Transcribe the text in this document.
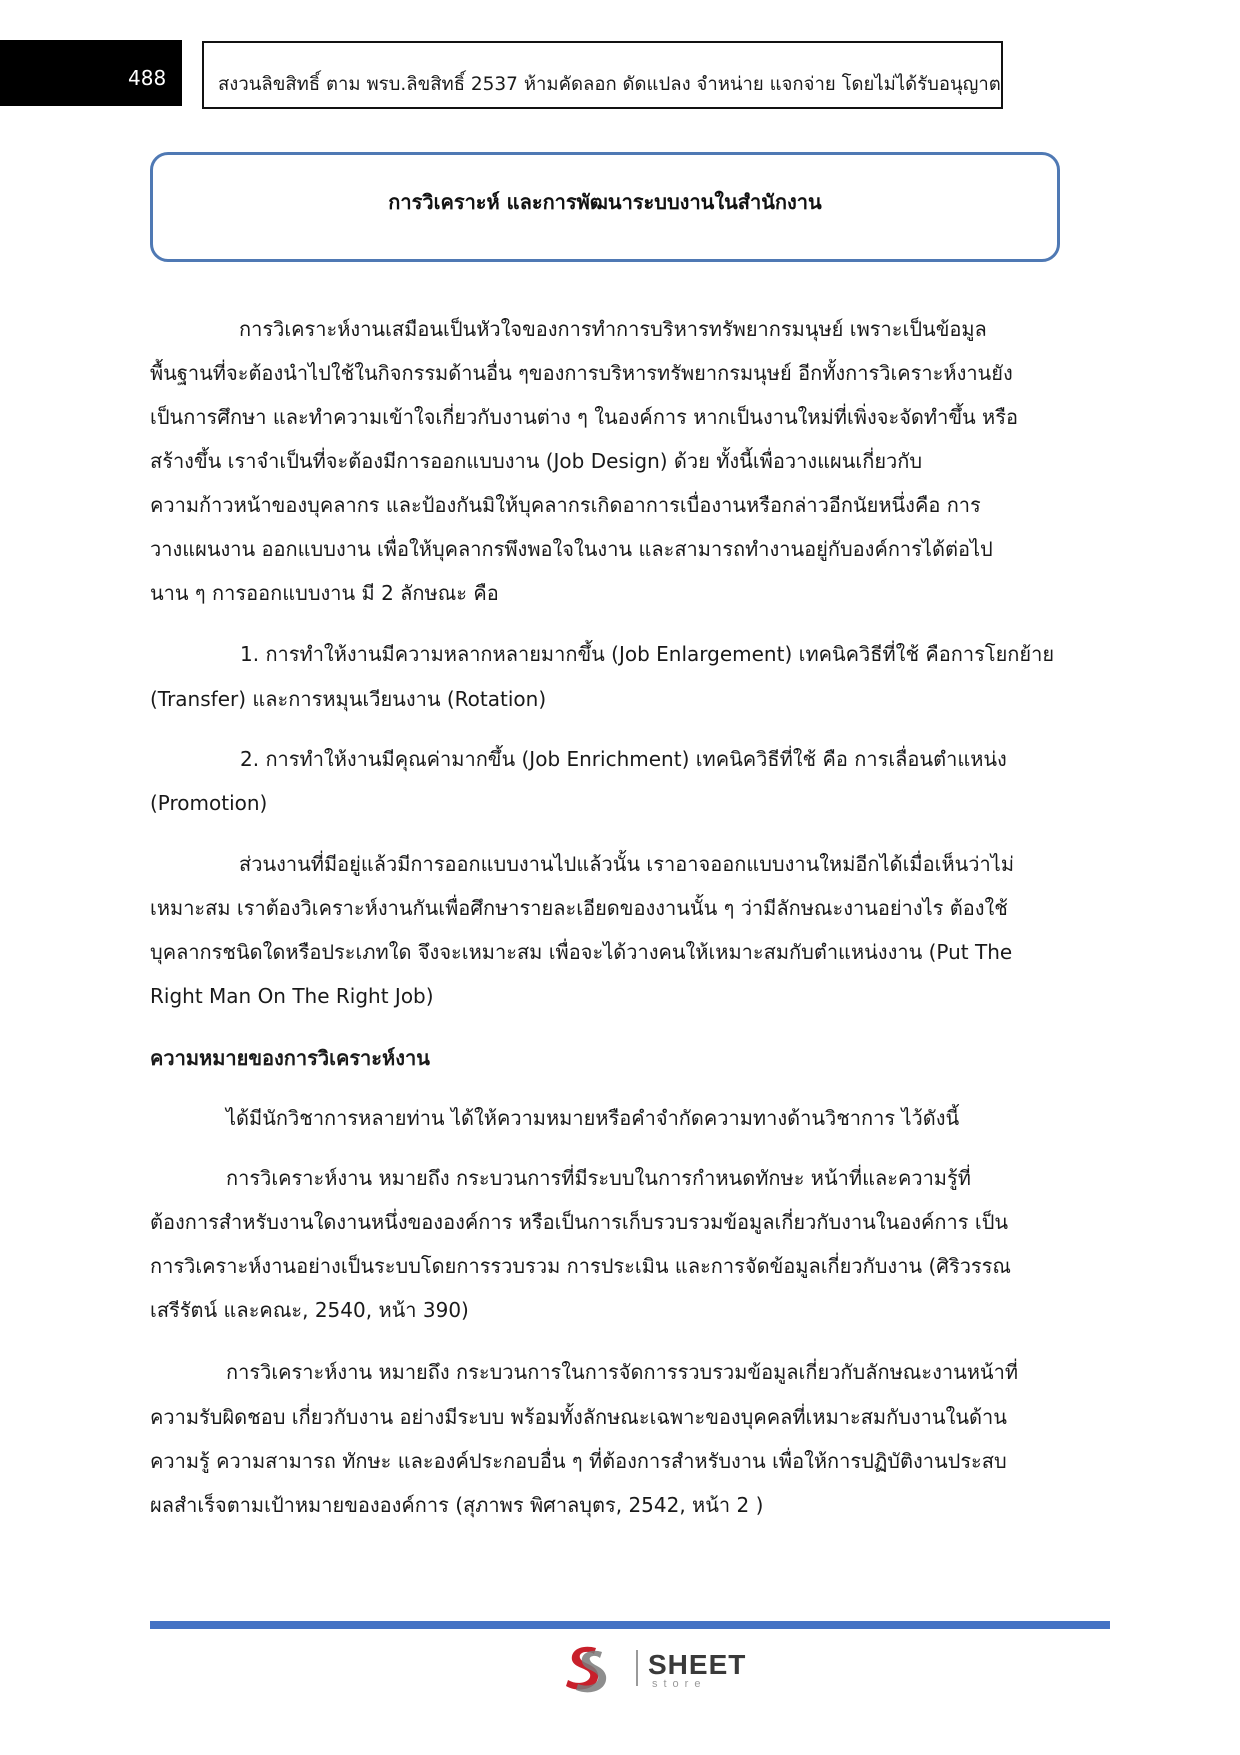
488	สงวนลิขสิทธิ์ ตาม พรบ.ลิขสิทธิ์ 2537 ห้ามคัดลอก ดัดแปลง จำหน่าย แจกจ่าย โดยไม่ได้รับอนุญาต
การวิเคราะห์ และการพัฒนาระบบงานในสำนักงาน
การวิเคราะห์งานเสมือนเป็นหัวใจของการทำการบริหารทรัพยากรมนุษย์ เพราะเป็นข้อมูล
พื้นฐานที่จะต้องนำไปใช้ในกิจกรรมด้านอื่น ๆของการบริหารทรัพยากรมนุษย์ อีกทั้งการวิเคราะห์งานยัง
เป็นการศึกษา และทำความเข้าใจเกี่ยวกับงานต่าง ๆ ในองค์การ หากเป็นงานใหม่ที่เพิ่งจะจัดทำขึ้น หรือ
สร้างขึ้น เราจำเป็นที่จะต้องมีการออกแบบงาน (Job Design) ด้วย ทั้งนี้เพื่อวางแผนเกี่ยวกับ
ความก้าวหน้าของบุคลากร และป้องกันมิให้บุคลากรเกิดอาการเบื่องานหรือกล่าวอีกนัยหนึ่งคือ การ
วางแผนงาน ออกแบบงาน เพื่อให้บุคลากรพึงพอใจในงาน และสามารถทำงานอยู่กับองค์การได้ต่อไป
นาน ๆ การออกแบบงาน มี 2 ลักษณะ คือ
1. การทำให้งานมีความหลากหลายมากขึ้น (Job Enlargement) เทคนิควิธีที่ใช้ คือการโยกย้าย
(Transfer) และการหมุนเวียนงาน (Rotation)
2. การทำให้งานมีคุณค่ามากขึ้น (Job Enrichment) เทคนิควิธีที่ใช้ คือ การเลื่อนตำแหน่ง
(Promotion)
ส่วนงานที่มีอยู่แล้วมีการออกแบบงานไปแล้วนั้น เราอาจออกแบบงานใหม่อีกได้เมื่อเห็นว่าไม่
เหมาะสม เราต้องวิเคราะห์งานกันเพื่อศึกษารายละเอียดของงานนั้น ๆ ว่ามีลักษณะงานอย่างไร ต้องใช้
บุคลากรชนิดใดหรือประเภทใด จึงจะเหมาะสม เพื่อจะได้วางคนให้เหมาะสมกับตำแหน่งงาน (Put The
Right Man On The Right Job)
ความหมายของการวิเคราะห์งาน
ได้มีนักวิชาการหลายท่าน ได้ให้ความหมายหรือคำจำกัดความทางด้านวิชาการ ไว้ดังนี้
การวิเคราะห์งาน หมายถึง กระบวนการที่มีระบบในการกำหนดทักษะ หน้าที่และความรู้ที่
ต้องการสำหรับงานใดงานหนึ่งขององค์การ หรือเป็นการเก็บรวบรวมข้อมูลเกี่ยวกับงานในองค์การ เป็น
การวิเคราะห์งานอย่างเป็นระบบโดยการรวบรวม การประเมิน และการจัดข้อมูลเกี่ยวกับงาน (ศิริวรรณ
เสรีรัตน์ และคณะ, 2540, หน้า 390)
การวิเคราะห์งาน หมายถึง กระบวนการในการจัดการรวบรวมข้อมูลเกี่ยวกับลักษณะงานหน้าที่
ความรับผิดชอบ เกี่ยวกับงาน อย่างมีระบบ พร้อมทั้งลักษณะเฉพาะของบุคคลที่เหมาะสมกับงานในด้าน
ความรู้ ความสามารถ ทักษะ และองค์ประกอบอื่น ๆ ที่ต้องการสำหรับงาน เพื่อให้การปฏิบัติงานประสบ
ผลสำเร็จตามเป้าหมายขององค์การ (สุภาพร พิศาลบุตร, 2542, หน้า 2 )
SHEET
store
